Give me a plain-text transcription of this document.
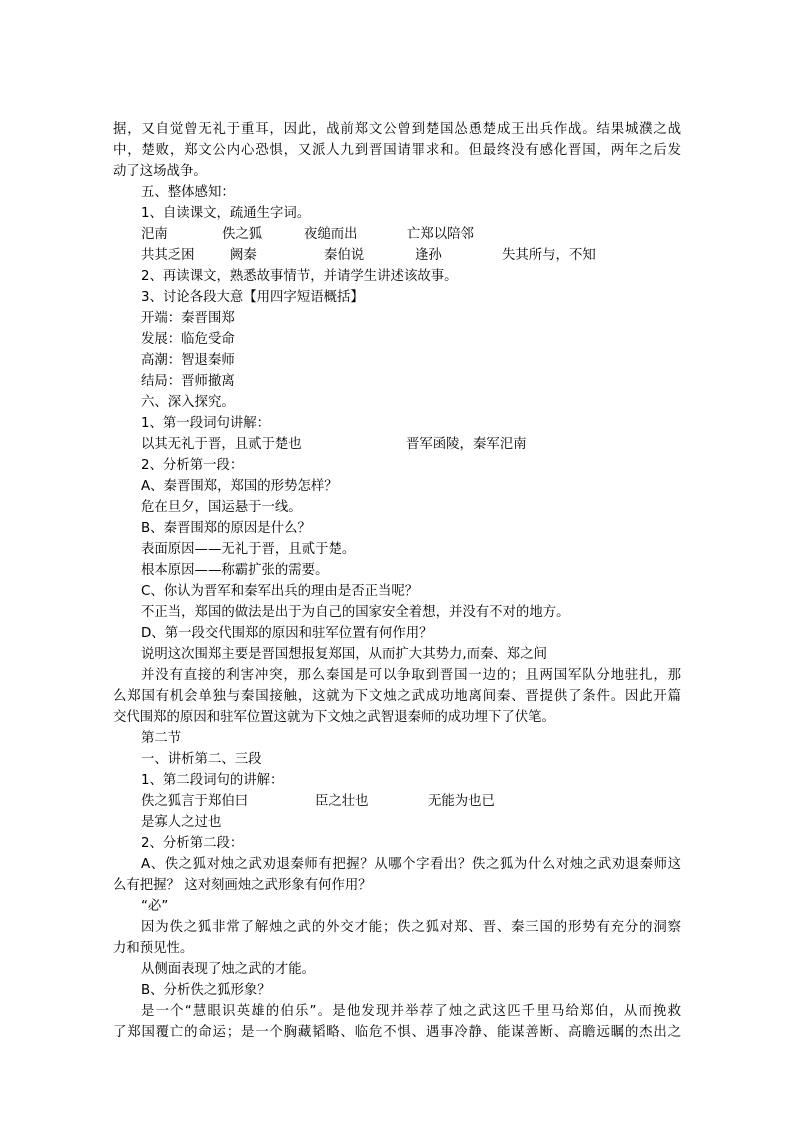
据，又自觉曾无礼于重耳，因此，战前郑文公曾到楚国怂恿楚成王出兵作战。结果城濮之战
中，楚败，郑文公内心恐惧，又派人九到晋国请罪求和。但最终没有感化晋国，两年之后发
动了这场战争。
五、整体感知：
1、自读课文，疏通生字词。
汜南	佚之狐	夜缒而出	亡郑以陪邻
共其乏困	阙秦	秦伯说	逢孙	失其所与，不知
2、再读课文，熟悉故事情节，并请学生讲述该故事。
3、讨论各段大意【用四字短语概括】
开端：秦晋围郑
发展：临危受命
高潮：智退秦师
结局：晋师撤离
六、深入探究。
1、第一段词句讲解：
以其无礼于晋，且贰于楚也	晋军函陵，秦军汜南
2、分析第一段：
A、秦晋围郑，郑国的形势怎样？
危在旦夕，国运悬于一线。
B、秦晋围郑的原因是什么？
表面原因——无礼于晋，且贰于楚。
根本原因——称霸扩张的需要。
C、你认为晋军和秦军出兵的理由是否正当呢？
不正当，郑国的做法是出于为自己的国家安全着想，并没有不对的地方。
D、第一段交代围郑的原因和驻军位置有何作用？
说明这次围郑主要是晋国想报复郑国，从而扩大其势力,而秦、郑之间
并没有直接的利害冲突，那么秦国是可以争取到晋国一边的；且两国军队分地驻扎，那
么郑国有机会单独与秦国接触，这就为下文烛之武成功地离间秦、晋提供了条件。因此开篇
交代围郑的原因和驻军位置这就为下文烛之武智退秦师的成功埋下了伏笔。
第二节
一、讲析第二、三段
1、第二段词句的讲解：
佚之狐言于郑伯曰	臣之壮也	无能为也已
是寡人之过也
2、分析第二段：
A、佚之狐对烛之武劝退秦师有把握？从哪个字看出？佚之狐为什么对烛之武劝退秦师这
么有把握？ 这对刻画烛之武形象有何作用？
“必”
因为佚之狐非常了解烛之武的外交才能；佚之狐对郑、晋、秦三国的形势有充分的洞察
力和预见性。
从侧面表现了烛之武的才能。
B、分析佚之狐形象？
是一个“慧眼识英雄的伯乐”。是他发现并举荐了烛之武这匹千里马给郑伯，从而挽救
了郑国覆亡的命运；是一个胸藏韬略、临危不惧、遇事冷静、能谋善断、高瞻远瞩的杰出之
